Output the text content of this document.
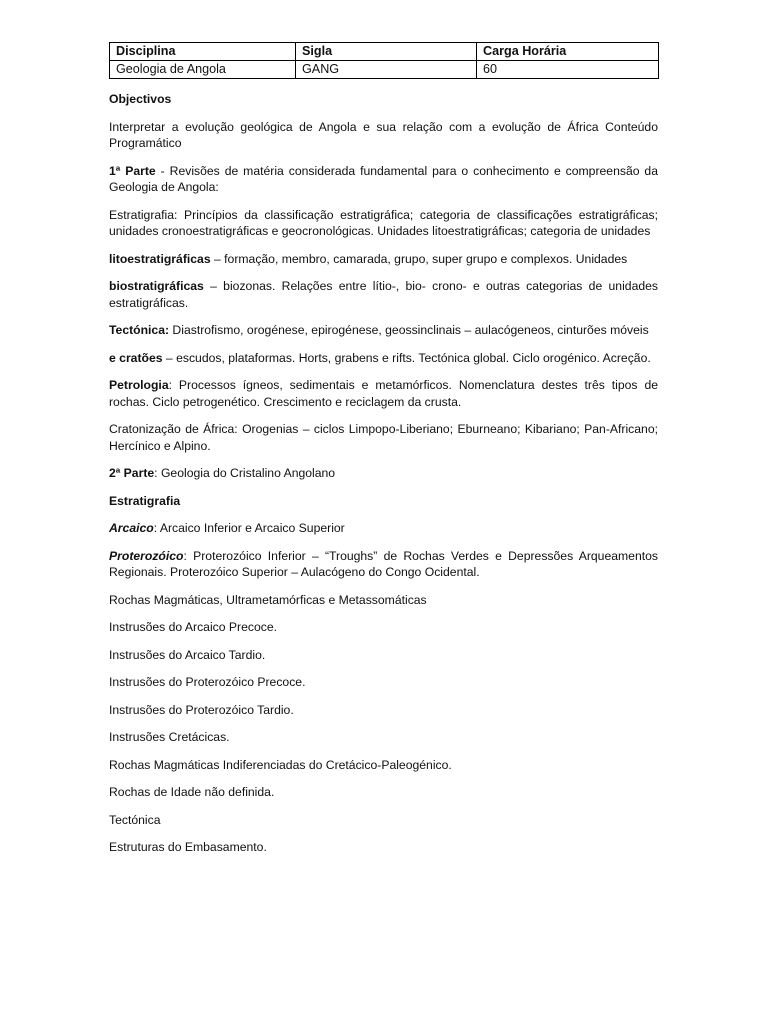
Disciplina	Sigla	Carga Horária
Geologia de Angola	GANG	60

Objectivos

Interpretar a evolução geológica de Angola e sua relação com a evolução de África Conteúdo Programático

1ª Parte - Revisões de matéria considerada fundamental para o conhecimento e compreensão da Geologia de Angola:

Estratigrafia: Princípios da classificação estratigráfica; categoria de classificações estratigráficas; unidades cronoestratigráficas e geocronológicas. Unidades litoestratigráficas; categoria de unidades

litoestratigráficas – formação, membro, camarada, grupo, super grupo e complexos. Unidades

biostratigráficas – biozonas. Relações entre lítio-, bio- crono- e outras categorias de unidades estratigráficas.

Tectónica: Diastrofismo, orogénese, epirogénese, geossinclinais – aulacógeneos, cinturões móveis

e cratões – escudos, plataformas. Horts, grabens e rifts. Tectónica global. Ciclo orogénico. Acreção.

Petrologia: Processos ígneos, sedimentais e metamórficos. Nomenclatura destes três tipos de rochas. Ciclo petrogenético. Crescimento e reciclagem da crusta.

Cratonização de África: Orogenias – ciclos Limpopo-Liberiano; Eburneano; Kibariano; Pan-Africano; Hercínico e Alpino.

2ª Parte: Geologia do Cristalino Angolano

Estratigrafia

Arcaico: Arcaico Inferior e Arcaico Superior

Proterozóico: Proterozóico Inferior – “Troughs” de Rochas Verdes e Depressões Arqueamentos Regionais. Proterozóico Superior – Aulacógeno do Congo Ocidental.

Rochas Magmáticas, Ultrametamórficas e Metassomáticas

Instrusões do Arcaico Precoce.

Instrusões do Arcaico Tardio.

Instrusões do Proterozóico Precoce.

Instrusões do Proterozóico Tardio.

Instrusões Cretácicas.

Rochas Magmáticas Indiferenciadas do Cretácico-Paleogénico.

Rochas de Idade não definida.

Tectónica

Estruturas do Embasamento.
